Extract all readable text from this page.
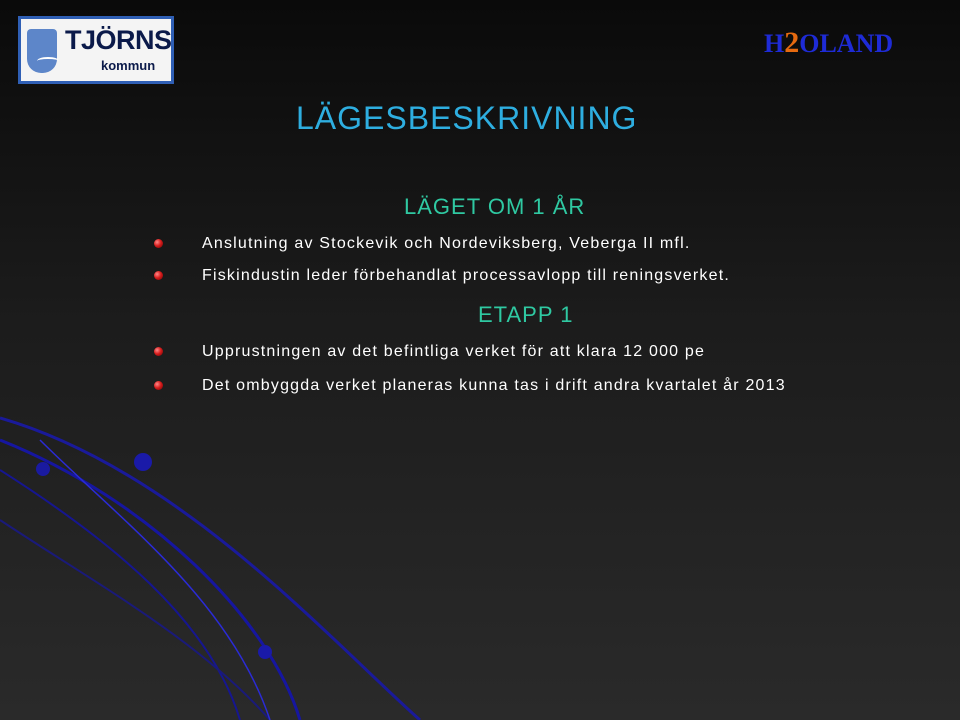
TJÖRNS
kommun
H2OLAND
LÄGESBESKRIVNING
LÄGET OM 1 ÅR
Anslutning av Stockevik och Nordeviksberg, Veberga II mfl.
Fiskindustin leder förbehandlat processavlopp till reningsverket.
ETAPP 1
Upprustningen av det befintliga verket för att klara 12 000 pe
Det ombyggda verket planeras kunna tas i drift andra kvartalet år 2013
